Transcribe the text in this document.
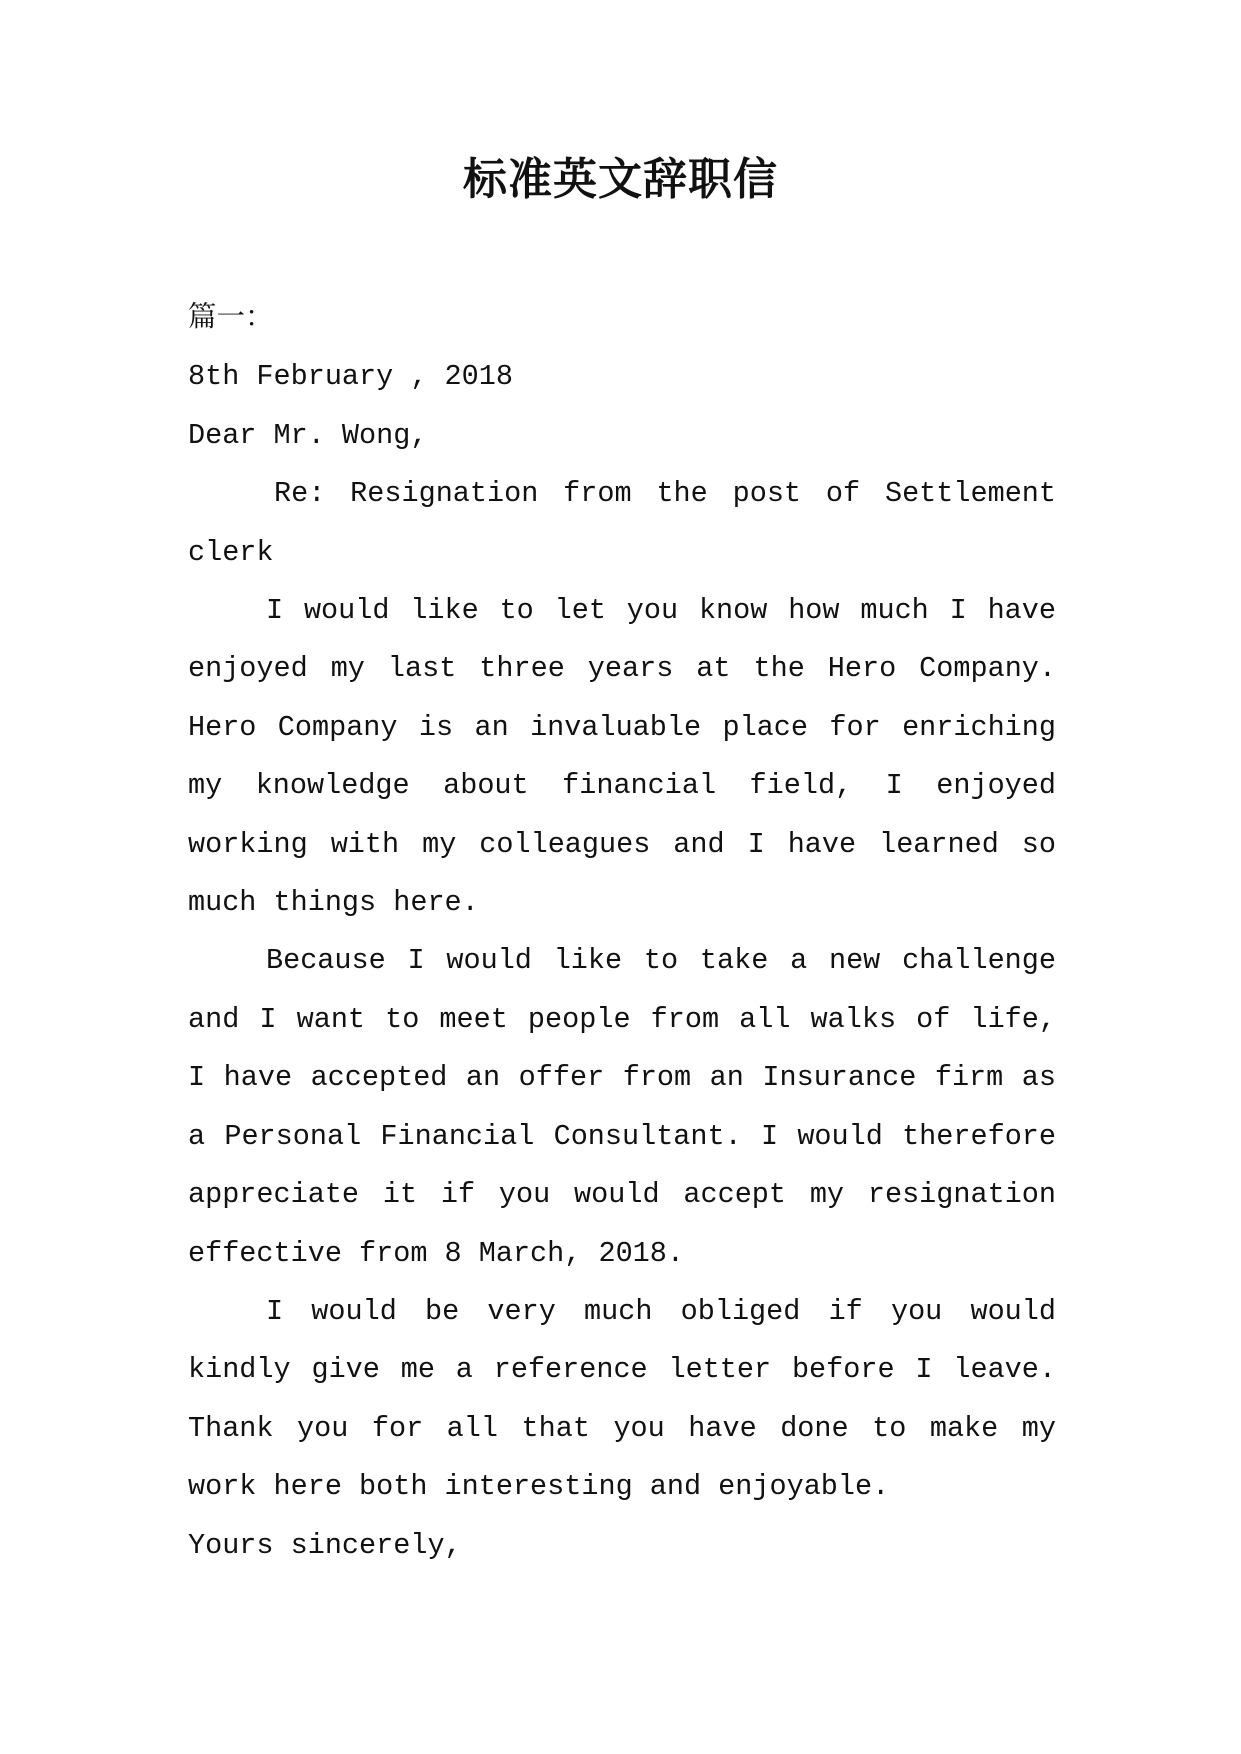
标准英文辞职信

篇一：

8th February , 2018

Dear Mr. Wong,

Re: Resignation from the post of Settlement clerk

I would like to let you know how much I have enjoyed my last three years at the Hero Company. Hero Company is an invaluable place for enriching my knowledge about financial field, I enjoyed working with my colleagues and I have learned so much things here.

Because I would like to take a new challenge and I want to meet people from all walks of life, I have accepted an offer from an Insurance firm as a Personal Financial Consultant. I would therefore appreciate it if you would accept my resignation effective from 8 March, 2018.

I would be very much obliged if you would kindly give me a reference letter before I leave. Thank you for all that you have done to make my work here both interesting and enjoyable.

Yours sincerely,
